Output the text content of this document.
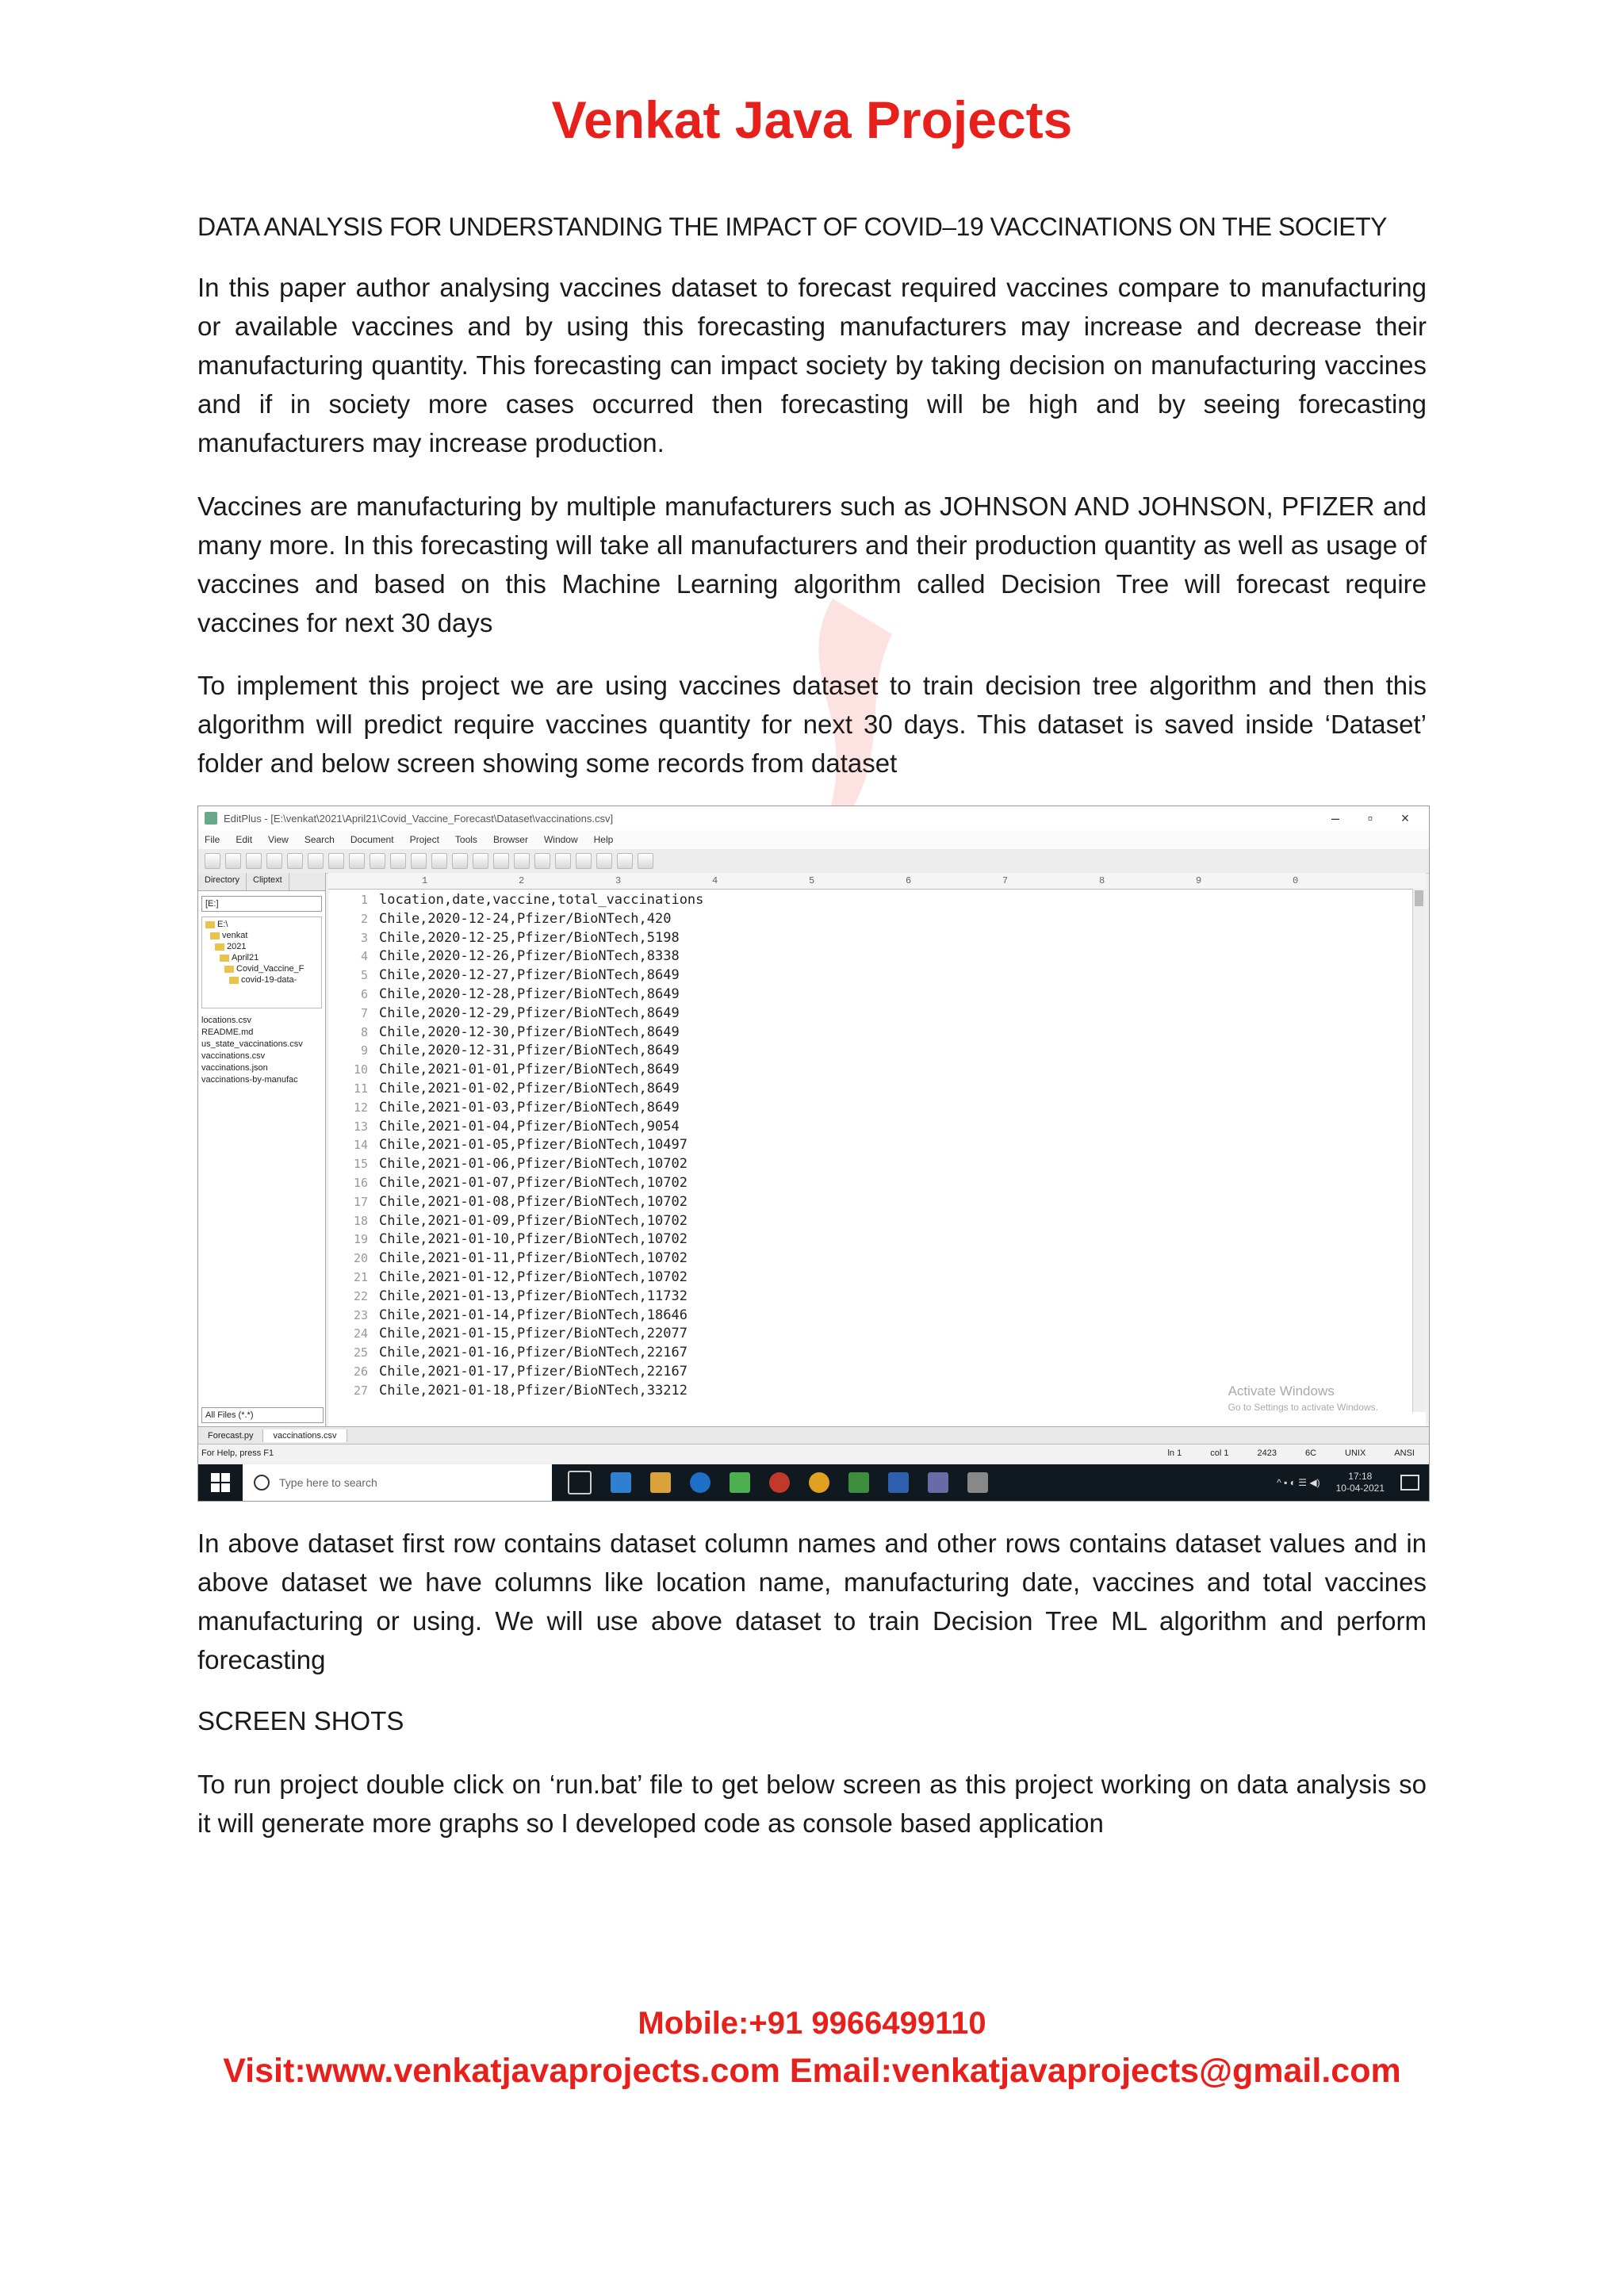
Venkat Java Projects

DATA ANALYSIS FOR UNDERSTANDING THE IMPACT OF COVID–19 VACCINATIONS ON THE SOCIETY

In this paper author analysing vaccines dataset to forecast required vaccines compare to manufacturing or available vaccines and by using this forecasting manufacturers may increase and decrease their manufacturing quantity. This forecasting can impact society by taking decision on manufacturing vaccines and if in society more cases occurred then forecasting will be high and by seeing forecasting manufacturers may increase production.

Vaccines are manufacturing by multiple manufacturers such as JOHNSON AND JOHNSON, PFIZER and many more. In this forecasting will take all manufacturers and their production quantity as well as usage of vaccines and based on this Machine Learning algorithm called Decision Tree will forecast require vaccines for next 30 days

To implement this project we are using vaccines dataset to train decision tree algorithm and then this algorithm will predict require vaccines quantity for next 30 days. This dataset is saved inside ‘Dataset’ folder and below screen showing some records from dataset

EditPlus - [E:\venkat\2021\April21\Covid_Vaccine_Forecast\Dataset\vaccinations.csv]	–	▫	×
File Edit View Search Document Project Tools Browser Window Help
Directory	Cliptext
[E:]
E:\
venkat
2021
April21
Covid_Vaccine_F
covid-19-data-
locations.csv
README.md
us_state_vaccinations.csv
vaccinations.csv
vaccinations.json
vaccinations-by-manufac
All Files (*.*)
1	2	3	4	5	6	7	8	9	0
1 location,date,vaccine,total_vaccinations
2 Chile,2020-12-24,Pfizer/BioNTech,420
3 Chile,2020-12-25,Pfizer/BioNTech,5198
4 Chile,2020-12-26,Pfizer/BioNTech,8338
5 Chile,2020-12-27,Pfizer/BioNTech,8649
6 Chile,2020-12-28,Pfizer/BioNTech,8649
7 Chile,2020-12-29,Pfizer/BioNTech,8649
8 Chile,2020-12-30,Pfizer/BioNTech,8649
9 Chile,2020-12-31,Pfizer/BioNTech,8649
10 Chile,2021-01-01,Pfizer/BioNTech,8649
11 Chile,2021-01-02,Pfizer/BioNTech,8649
12 Chile,2021-01-03,Pfizer/BioNTech,8649
13 Chile,2021-01-04,Pfizer/BioNTech,9054
14 Chile,2021-01-05,Pfizer/BioNTech,10497
15 Chile,2021-01-06,Pfizer/BioNTech,10702
16 Chile,2021-01-07,Pfizer/BioNTech,10702
17 Chile,2021-01-08,Pfizer/BioNTech,10702
18 Chile,2021-01-09,Pfizer/BioNTech,10702
19 Chile,2021-01-10,Pfizer/BioNTech,10702
20 Chile,2021-01-11,Pfizer/BioNTech,10702
21 Chile,2021-01-12,Pfizer/BioNTech,10702
22 Chile,2021-01-13,Pfizer/BioNTech,11732
23 Chile,2021-01-14,Pfizer/BioNTech,18646
24 Chile,2021-01-15,Pfizer/BioNTech,22077
25 Chile,2021-01-16,Pfizer/BioNTech,22167
26 Chile,2021-01-17,Pfizer/BioNTech,22167
27 Chile,2021-01-18,Pfizer/BioNTech,33212	Activate Windows
Go to Settings to activate Windows.
Forecast.py	vaccinations.csv
For Help, press F1	ln 1	col 1	2423	6C	UNIX	ANSI
Type here to search	^ ▪ ◐ ☰ ◀)
17:18
10-04-2021

In above dataset first row contains dataset column names and other rows contains dataset values and in above dataset we have columns like location name, manufacturing date, vaccines and total vaccines manufacturing or using. We will use above dataset to train Decision Tree ML algorithm and perform forecasting

SCREEN SHOTS

To run project double click on ‘run.bat’ file to get below screen as this project working on data analysis so it will generate more graphs so I developed code as console based application

Mobile:+91 9966499110
Visit:www.venkatjavaprojects.com Email:venkatjavaprojects@gmail.com
